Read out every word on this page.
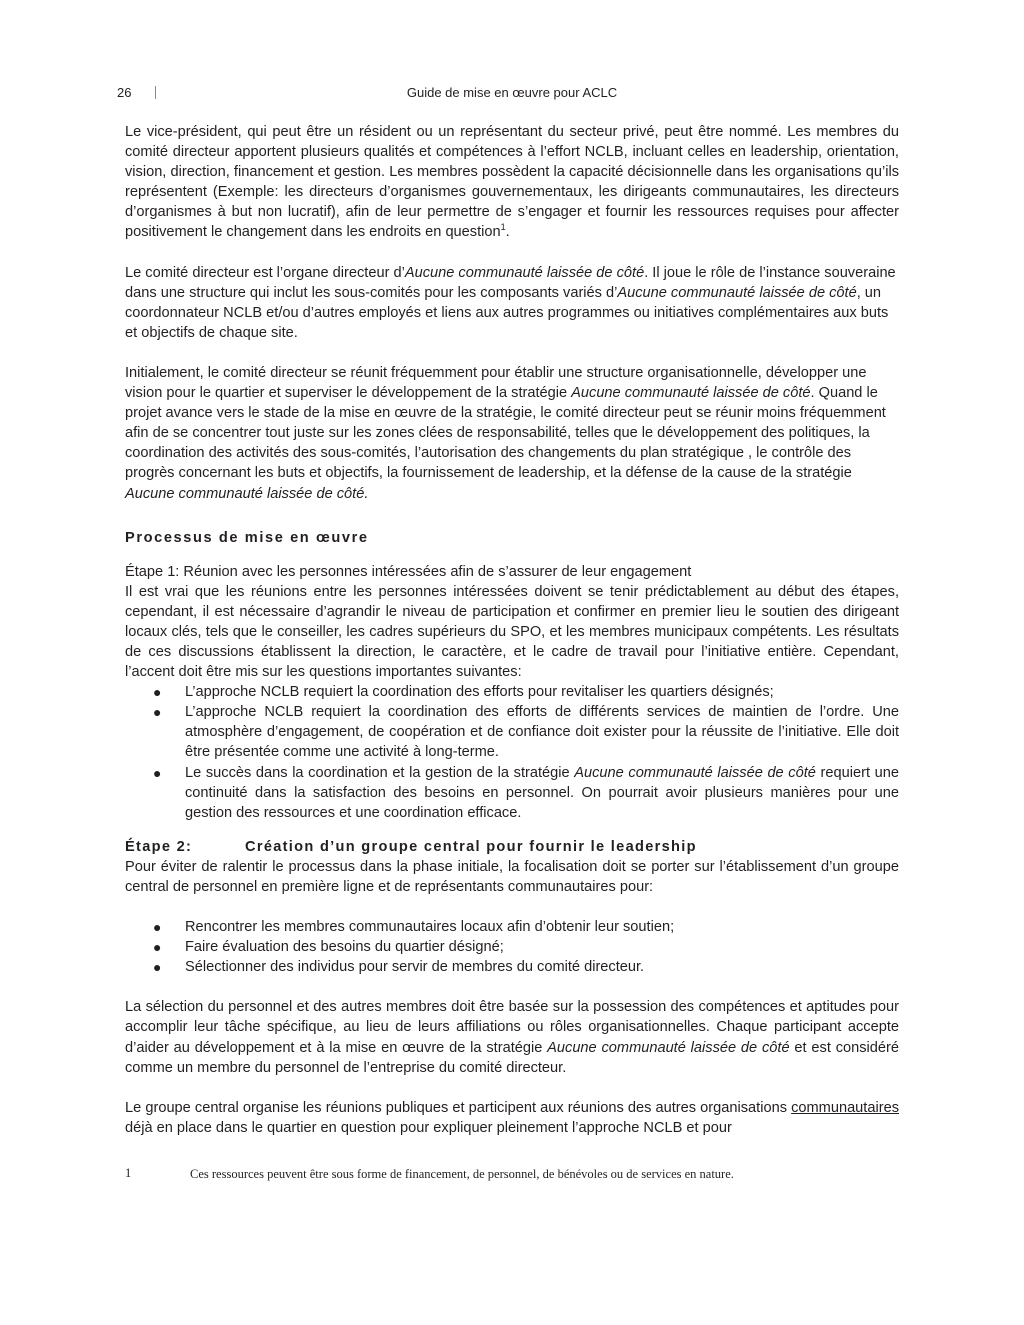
26	Guide de mise en œuvre pour ACLC

Le vice-président, qui peut être un résident ou un représentant du secteur privé, peut être nommé. Les membres du comité directeur apportent plusieurs qualités et compétences à l’effort NCLB, incluant celles en leadership, orientation, vision, direction, financement et gestion. Les membres possèdent la capacité décisionnelle dans les organisations qu’ils représentent (Exemple: les directeurs d’organismes gouvernementaux, les dirigeants communautaires, les directeurs d’organismes à but non lucratif), afin de leur permettre de s’engager et fournir les ressources requises pour affecter positivement le changement dans les endroits en question$^1$.

Le comité directeur est l’organe directeur d’Aucune communauté laissée de côté. Il joue le rôle de l’instance souveraine dans une structure qui inclut les sous-comités pour les composants variés d’Aucune communauté laissée de côté, un coordonnateur NCLB et/ou d’autres employés et liens aux autres programmes ou initiatives complémentaires aux buts et objectifs de chaque site.

Initialement, le comité directeur se réunit fréquemment pour établir une structure organisationnelle, développer une vision pour le quartier et superviser le développement de la stratégie Aucune communauté laissée de côté. Quand le projet avance vers le stade de la mise en œuvre de la stratégie, le comité directeur peut se réunir moins fréquemment afin de se concentrer tout juste sur les zones clées de responsabilité, telles que le développement des politiques, la coordination des activités des sous-comités, l’autorisation des changements du plan stratégique , le contrôle des progrès concernant les buts et objectifs, la fournissement de leadership, et la défense de la cause de la stratégie Aucune communauté laissée de côté.

Processus de mise en œuvre

Étape 1: Réunion avec les personnes intéressées afin de s’assurer de leur engagement

Il est vrai que les réunions entre les personnes intéressées doivent se tenir prédictablement au début des étapes, cependant, il est nécessaire d’agrandir le niveau de participation et confirmer en premier lieu le soutien des dirigeant locaux clés, tels que le conseiller, les cadres supérieurs du SPO, et les membres municipaux compétents. Les résultats de ces discussions établissent la direction, le caractère, et le cadre de travail pour l’initiative entière. Cependant, l’accent doit être mis sur les questions importantes suivantes:

● L’approche NCLB requiert la coordination des efforts pour revitaliser les quartiers désignés;
● L’approche NCLB requiert la coordination des efforts de différents services de maintien de l’ordre. Une atmosphère d’engagement, de coopération et de confiance doit exister pour la réussite de l’initiative. Elle doit être présentée comme une activité à long-terme.
● Le succès dans la coordination et la gestion de la stratégie Aucune communauté laissée de côté requiert une continuité dans la satisfaction des besoins en personnel. On pourrait avoir plusieurs manières pour une gestion des ressources et une coordination efficace.
Étape 2:	Création d’un groupe central pour fournir le leadership

Pour éviter de ralentir le processus dans la phase initiale, la focalisation doit se porter sur l’établissement d’un groupe central de personnel en première ligne et de représentants communautaires pour:

● Rencontrer les membres communautaires locaux afin d’obtenir leur soutien;
● Faire évaluation des besoins du quartier désigné;
● Sélectionner des individus pour servir de membres du comité directeur.

La sélection du personnel et des autres membres doit être basée sur la possession des compétences et aptitudes pour accomplir leur tâche spécifique, au lieu de leurs affiliations ou rôles organisationnelles. Chaque participant accepte d’aider au développement et à la mise en œuvre de la stratégie Aucune communauté laissée de côté et est considéré comme un membre du personnel de l’entreprise du comité directeur.

Le groupe central organise les réunions publiques et participent aux réunions des autres organisations communautaires déjà en place dans le quartier en question pour expliquer pleinement l’approche NCLB et pour

1	Ces ressources peuvent être sous forme de financement, de personnel, de bénévoles ou de services en nature.
